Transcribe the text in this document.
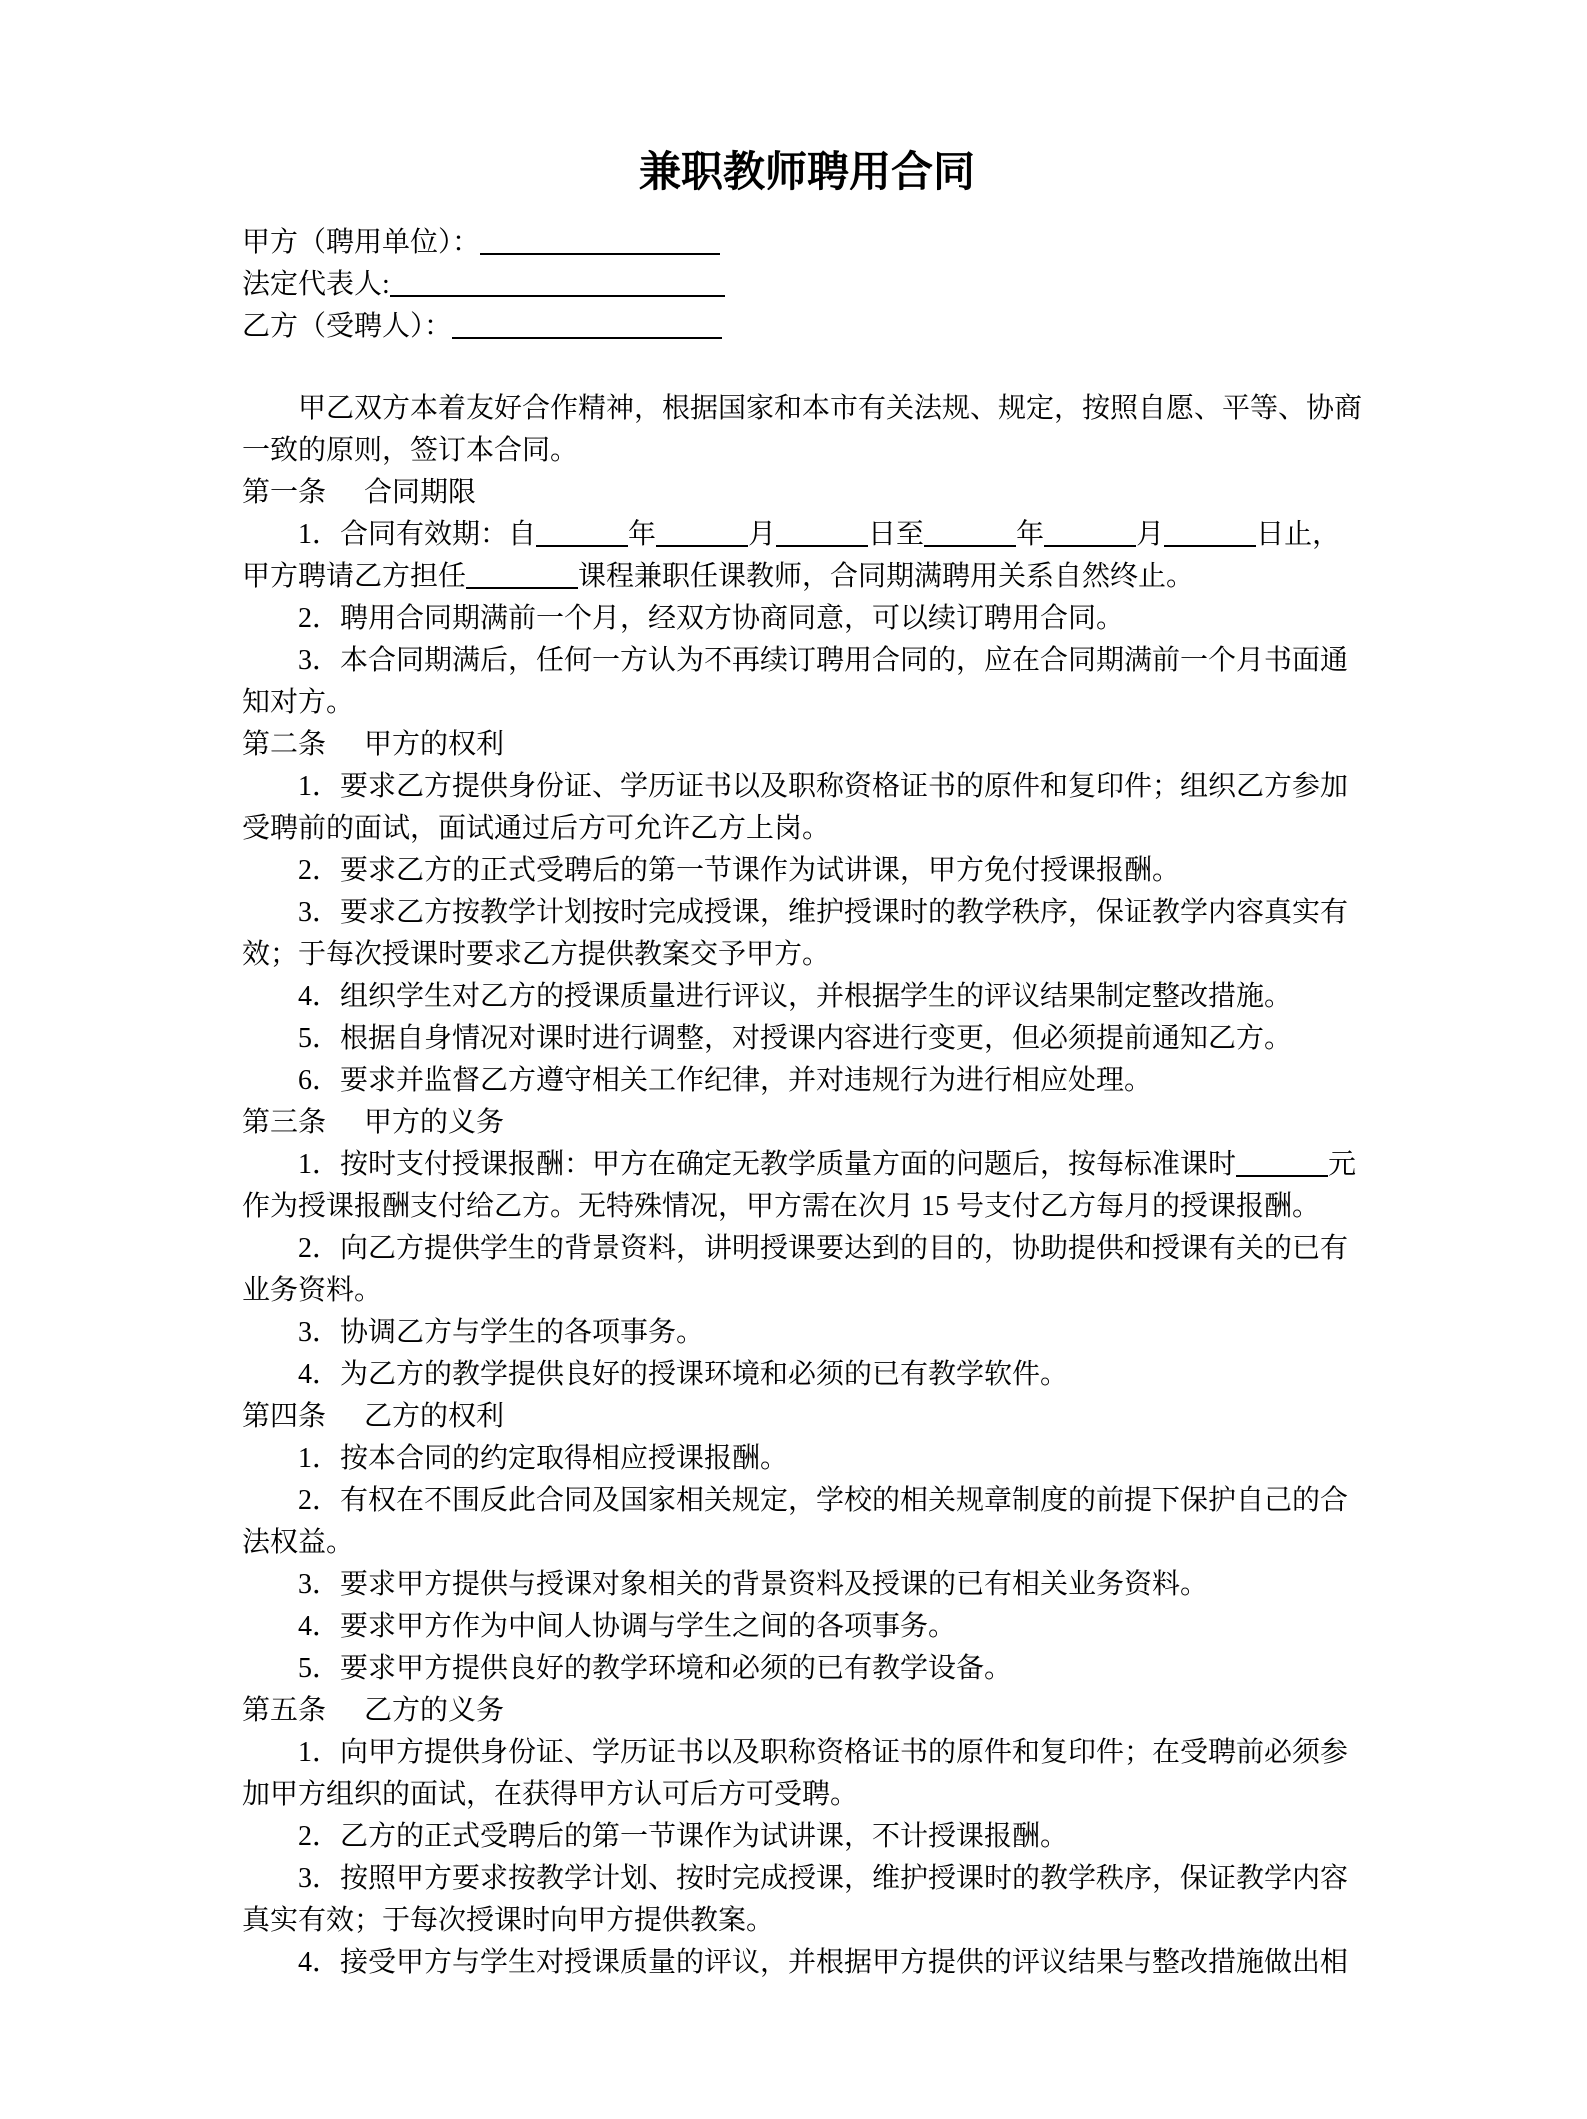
兼职教师聘用合同

甲方（聘用单位）：

法定代表人:

乙方（受聘人）：

甲乙双方本着友好合作精神，根据国家和本市有关法规、规定，按照自愿、平等、协商
一致的原则，签订本合同。

第一条 合同期限

1．合同有效期：自	年	月	日至	年	月	日止，
甲方聘请乙方担任	课程兼职任课教师，合同期满聘用关系自然终止。

2．聘用合同期满前一个月，经双方协商同意，可以续订聘用合同。

3．本合同期满后，任何一方认为不再续订聘用合同的，应在合同期满前一个月书面通
知对方。

第二条 甲方的权利

1．要求乙方提供身份证、学历证书以及职称资格证书的原件和复印件；组织乙方参加
受聘前的面试，面试通过后方可允许乙方上岗。

2．要求乙方的正式受聘后的第一节课作为试讲课，甲方免付授课报酬。

3．要求乙方按教学计划按时完成授课，维护授课时的教学秩序，保证教学内容真实有
效；于每次授课时要求乙方提供教案交予甲方。

4．组织学生对乙方的授课质量进行评议，并根据学生的评议结果制定整改措施。

5．根据自身情况对课时进行调整，对授课内容进行变更，但必须提前通知乙方。

6．要求并监督乙方遵守相关工作纪律，并对违规行为进行相应处理。

第三条 甲方的义务

1．按时支付授课报酬：甲方在确定无教学质量方面的问题后，按每标准课时	元
作为授课报酬支付给乙方。无特殊情况，甲方需在次月 15 号支付乙方每月的授课报酬。

2．向乙方提供学生的背景资料，讲明授课要达到的目的，协助提供和授课有关的已有
业务资料。

3．协调乙方与学生的各项事务。

4．为乙方的教学提供良好的授课环境和必须的已有教学软件。

第四条 乙方的权利

1．按本合同的约定取得相应授课报酬。

2．有权在不围反此合同及国家相关规定，学校的相关规章制度的前提下保护自己的合
法权益。

3．要求甲方提供与授课对象相关的背景资料及授课的已有相关业务资料。

4．要求甲方作为中间人协调与学生之间的各项事务。

5．要求甲方提供良好的教学环境和必须的已有教学设备。

第五条 乙方的义务

1．向甲方提供身份证、学历证书以及职称资格证书的原件和复印件；在受聘前必须参
加甲方组织的面试，在获得甲方认可后方可受聘。

2．乙方的正式受聘后的第一节课作为试讲课，不计授课报酬。

3．按照甲方要求按教学计划、按时完成授课，维护授课时的教学秩序，保证教学内容
真实有效；于每次授课时向甲方提供教案。

4．接受甲方与学生对授课质量的评议，并根据甲方提供的评议结果与整改措施做出相
